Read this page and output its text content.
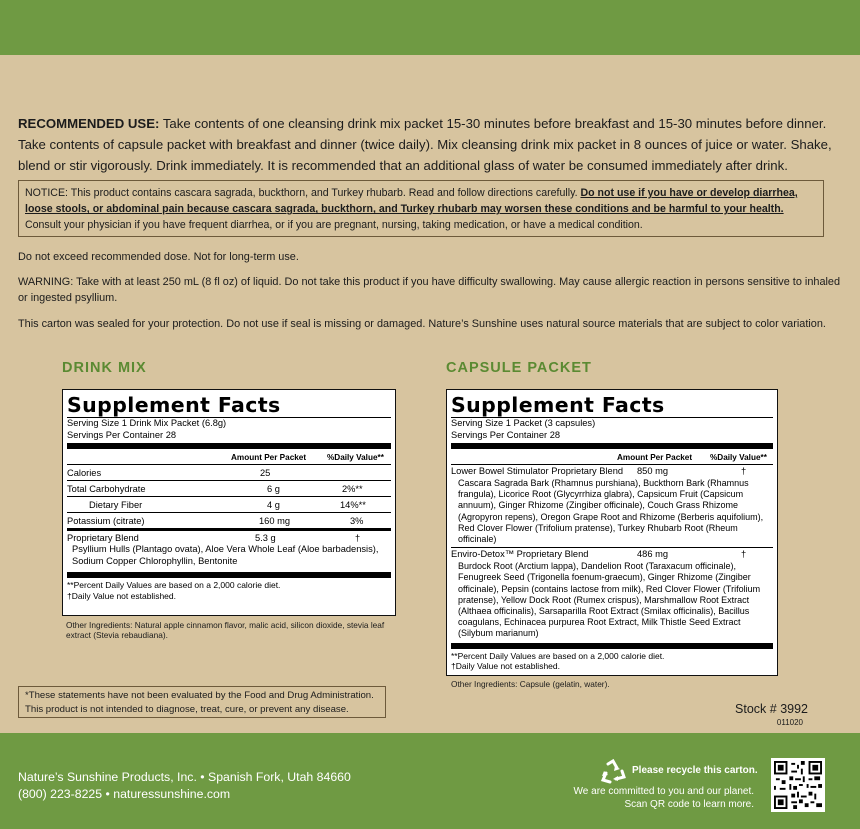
RECOMMENDED USE: Take contents of one cleansing drink mix packet 15-30 minutes before breakfast and 15-30 minutes before dinner. Take contents of capsule packet with breakfast and dinner (twice daily). Mix cleansing drink mix packet in 8 ounces of juice or water. Shake, blend or stir vigorously. Drink immediately. It is recommended that an additional glass of water be consumed immediately after drink.
NOTICE: This product contains cascara sagrada, buckthorn, and Turkey rhubarb. Read and follow directions carefully. Do not use if you have or develop diarrhea, loose stools, or abdominal pain because cascara sagrada, buckthorn, and Turkey rhubarb may worsen these conditions and be harmful to your health. Consult your physician if you have frequent diarrhea, or if you are pregnant, nursing, taking medication, or have a medical condition.
Do not exceed recommended dose. Not for long-term use.
WARNING: Take with at least 250 mL (8 fl oz) of liquid. Do not take this product if you have difficulty swallowing. May cause allergic reaction in persons sensitive to inhaled or ingested psyllium.
This carton was sealed for your protection. Do not use if seal is missing or damaged. Nature’s Sunshine uses natural source materials that are subject to color variation.
DRINK MIX
Supplement Facts
Serving Size 1 Drink Mix Packet (6.8g)
Servings Per Container 28
Amount Per Packet	%Daily Value**
Calories	25
Total Carbohydrate	6 g	2%**
Dietary Fiber	4 g	14%**
Potassium (citrate)	160 mg	3%
Proprietary Blend	5.3 g	†
Psyllium Hulls (Plantago ovata), Aloe Vera Whole Leaf (Aloe barbadensis), Sodium Copper Chlorophyllin, Bentonite
**Percent Daily Values are based on a 2,000 calorie diet.
†Daily Value not established.
Other Ingredients: Natural apple cinnamon flavor, malic acid, silicon dioxide, stevia leaf extract (Stevia rebaudiana).
CAPSULE PACKET
Supplement Facts
Serving Size 1 Packet (3 capsules)
Servings Per Container 28
Amount Per Packet %Daily Value**
Lower Bowel Stimulator Proprietary Blend 850 mg	†
Cascara Sagrada Bark (Rhamnus purshiana), Buckthorn Bark (Rhamnus frangula), Licorice Root (Glycyrrhiza glabra), Capsicum Fruit (Capsicum annuum), Ginger Rhizome (Zingiber officinale), Couch Grass Rhizome (Agropyron repens), Oregon Grape Root and Rhizome (Berberis aquifolium), Red Clover Flower (Trifolium pratense), Turkey Rhubarb Root (Rheum officinale)
Enviro-Detox™ Proprietary Blend	486 mg	†
Burdock Root (Arctium lappa), Dandelion Root (Taraxacum officinale), Fenugreek Seed (Trigonella foenum-graecum), Ginger Rhizome (Zingiber officinale), Pepsin (contains lactose from milk), Red Clover Flower (Trifolium pratense), Yellow Dock Root (Rumex crispus), Marshmallow Root Extract (Althaea officinalis), Sarsaparilla Root Extract (Smilax officinalis), Bacillus coagulans, Echinacea purpurea Root Extract, Milk Thistle Seed Extract (Silybum marianum)
**Percent Daily Values are based on a 2,000 calorie diet.
†Daily Value not established.
Other Ingredients: Capsule (gelatin, water).
*These statements have not been evaluated by the Food and Drug Administration. This product is not intended to diagnose, treat, cure, or prevent any disease.	Stock # 3992
011020
Nature’s Sunshine Products, Inc. • Spanish Fork, Utah 84660
(800) 223-8225 • naturessunshine.com
Please recycle this carton.
We are committed to you and our planet.
Scan QR code to learn more.
